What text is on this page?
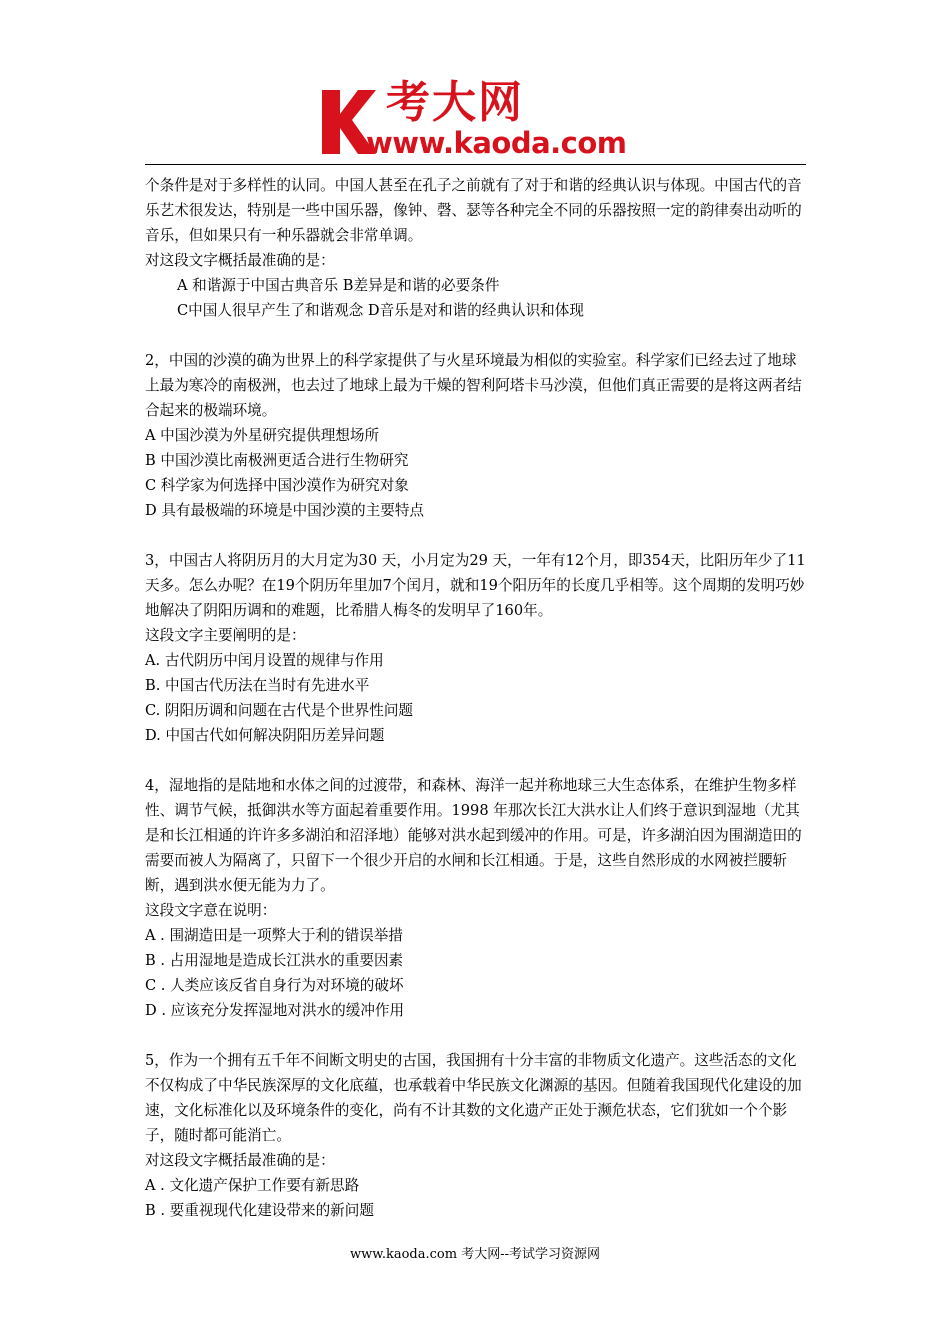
考大网
www.kaoda.com

个条件是对于多样性的认同。中国人甚至在孔子之前就有了对于和谐的经典认识与体现。中国古代的音乐艺术很发达，特别是一些中国乐器，像钟、磬、瑟等各种完全不同的乐器按照一定的韵律奏出动听的音乐，但如果只有一种乐器就会非常单调。

对这段文字概括最准确的是：

A 和谐源于中国古典音乐 B差异是和谐的必要条件

C中国人很早产生了和谐观念 D音乐是对和谐的经典认识和体现

2，中国的沙漠的确为世界上的科学家提供了与火星环境最为相似的实验室。科学家们已经去过了地球上最为寒冷的南极洲，也去过了地球上最为干燥的智利阿塔卡马沙漠，但他们真正需要的是将这两者结合起来的极端环境。

A 中国沙漠为外星研究提供理想场所

B 中国沙漠比南极洲更适合进行生物研究

C 科学家为何选择中国沙漠作为研究对象

D 具有最极端的环境是中国沙漠的主要特点

3，中国古人将阴历月的大月定为30 天，小月定为29 天，一年有12个月，即354天，比阳历年少了11天多。怎么办呢？在19个阴历年里加7个闰月，就和19个阳历年的长度几乎相等。这个周期的发明巧妙地解决了阴阳历调和的难题，比希腊人梅冬的发明早了160年。

这段文字主要阐明的是：

A. 古代阴历中闰月设置的规律与作用

B. 中国古代历法在当时有先进水平

C. 阴阳历调和问题在古代是个世界性问题

D. 中国古代如何解决阴阳历差异问题

4，湿地指的是陆地和水体之间的过渡带，和森林、海洋一起并称地球三大生态体系，在维护生物多样性、调节气候，抵御洪水等方面起着重要作用。1998 年那次长江大洪水让人们终于意识到湿地（尤其是和长江相通的许许多多湖泊和沼泽地）能够对洪水起到缓冲的作用。可是，许多湖泊因为围湖造田的需要而被人为隔离了，只留下一个很少开启的水闸和长江相通。于是，这些自然形成的水网被拦腰斩断，遇到洪水便无能为力了。

这段文字意在说明：

A . 围湖造田是一项弊大于利的错误举措

B . 占用湿地是造成长江洪水的重要因素

C . 人类应该反省自身行为对环境的破坏

D . 应该充分发挥湿地对洪水的缓冲作用

5，作为一个拥有五千年不间断文明史的古国，我国拥有十分丰富的非物质文化遗产。这些活态的文化不仅构成了中华民族深厚的文化底蕴，也承载着中华民族文化渊源的基因。但随着我国现代化建设的加速，文化标准化以及环境条件的变化，尚有不计其数的文化遗产正处于濒危状态，它们犹如一个个影子，随时都可能消亡。

对这段文字概括最准确的是：

A . 文化遗产保护工作要有新思路

B . 要重视现代化建设带来的新问题

www.kaoda.com 考大网--考试学习资源网
